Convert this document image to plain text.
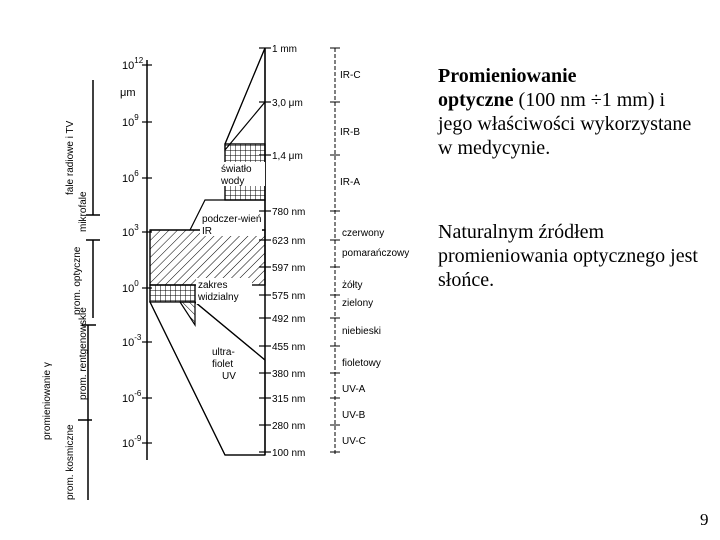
fale radiowe i TV
mikrofale
prom. optyczne
prom. rentgenowskie
promieniowanie γ
prom. kosmiczne
$10^{12}$
$10^9$
$10^6$
$10^3$
$10^0$
$10^{-3}$
$10^{-6}$
$10^{-9}$
μm
światło wody
podczer-wień IR
zakres widzialny
ultra-fiolet UV
1 mm
3,0 μm
1,4 μm
780 nm
623 nm
597 nm
575 nm
492 nm
455 nm
380 nm
315 nm
280 nm
100 nm
IR-C
IR-B
IR-A
czerwony
pomarańczowy
żółty
zielony
niebieski
fioletowy
UV-A
UV-B
UV-C
Promieniowanie
optyczne (100 nm ÷1 mm) i jego właściwości wykorzystane w medycynie.
Naturalnym źródłem promieniowania optycznego jest słońce.
9
